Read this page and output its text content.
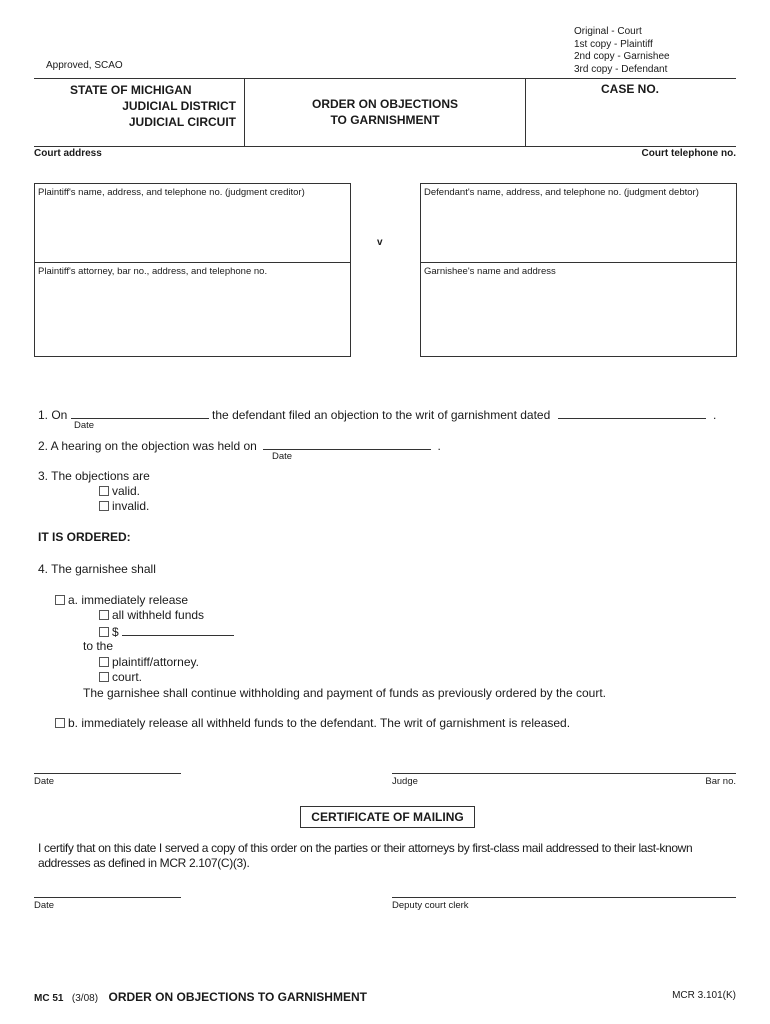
Original - Court
1st copy - Plaintiff
2nd copy - Garnishee
3rd copy - Defendant
Approved, SCAO
STATE OF MICHIGAN
JUDICIAL DISTRICT
JUDICIAL CIRCUIT
ORDER ON OBJECTIONS
TO GARNISHMENT
CASE NO.
Court address	Court telephone no.
Plaintiff's name, address, and telephone no. (judgment creditor)
Plaintiff's attorney, bar no., address, and telephone no.
v
Defendant's name, address, and telephone no. (judgment debtor)
Garnishee's name and address
1. On	the defendant filed an objection to the writ of garnishment dated	.
Date
2. A hearing on the objection was held on	.
Date
3. The objections are
valid.
invalid.
IT IS ORDERED:
4. The garnishee shall
a. immediately release
all withheld funds
$
to the
plaintiff/attorney.
court.
The garnishee shall continue withholding and payment of funds as previously ordered by the court.
b. immediately release all withheld funds to the defendant. The writ of garnishment is released.
Date	Judge	Bar no.
CERTIFICATE OF MAILING
I certify that on this date I served a copy of this order on the parties or their attorneys by first-class mail addressed to their last-known
addresses as defined in MCR 2.107(C)(3).
Date	Deputy court clerk
MC 51 (3/08) ORDER ON OBJECTIONS TO GARNISHMENT	MCR 3.101(K)
